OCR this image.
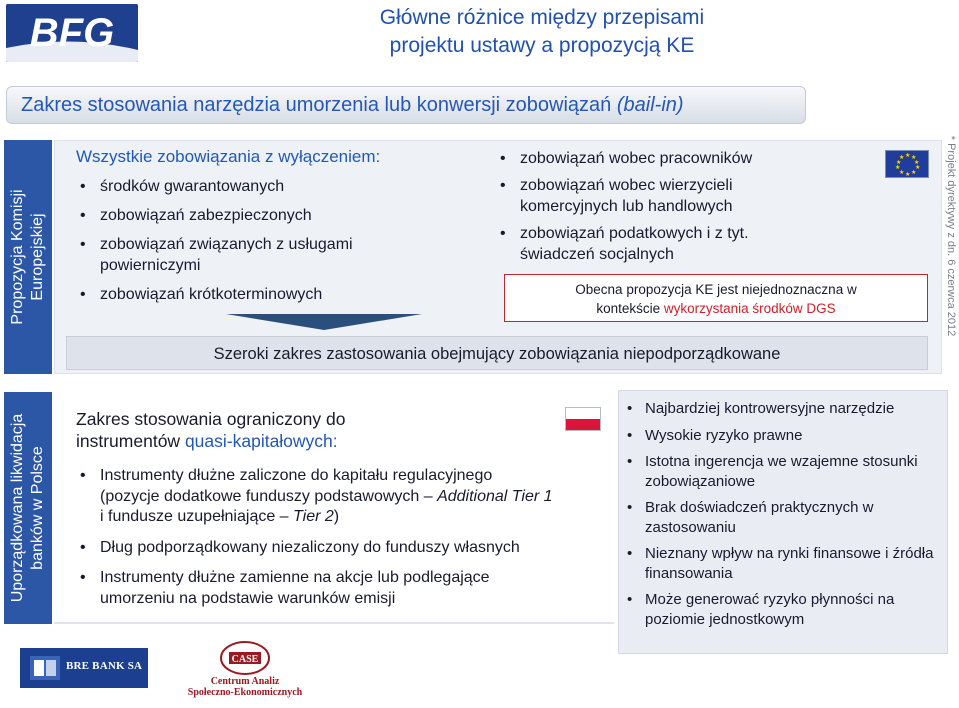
BFG	Główne różnice między przepisami
projektu ustawy a propozycją KE
Zakres stosowania narzędzia umorzenia lub konwersji zobowiązań (bail-in)
Propozycja Komisji Europejskiej
Wszystkie zobowiązania z wyłączeniem:
• środków gwarantowanych
• zobowiązań zabezpieczonych
• zobowiązań związanych z usługami powierniczymi
• zobowiązań krótkoterminowych
• zobowiązań wobec pracowników
• zobowiązań wobec wierzycieli komercyjnych lub handlowych
• zobowiązań podatkowych i z tyt. świadczeń socjalnych
★ ★
★
★
★
★
★
★
★
★
Obecna propozycja KE jest niejednoznaczna w
kontekście wykorzystania środków DGS
Szeroki zakres zastosowania obejmujący zobowiązania niepodporządkowane
* Projekt dyrektywy z dn. 6 czerwca 2012
Uporządkowana likwidacja banków w Polsce
Zakres stosowania ograniczony do
instrumentów quasi-kapitałowych:
• Instrumenty dłużne zaliczone do kapitału regulacyjnego
(pozycje dodatkowe funduszy podstawowych – Additional Tier 1
i fundusze uzupełniające – Tier 2)
• Dług podporządkowany niezaliczony do funduszy własnych
• Instrumenty dłużne zamienne na akcje lub podlegające umorzeniu na podstawie warunków emisji
• Najbardziej kontrowersyjne narzędzie
• Wysokie ryzyko prawne
• Istotna ingerencja we wzajemne stosunki zobowiązaniowe
• Brak doświadczeń praktycznych w zastosowaniu
• Nieznany wpływ na rynki finansowe i źródła finansowania
• Może generować ryzyko płynności na poziomie jednostkowym
BRE BANK SA
CASE
Centrum Analiz
Społeczno-Ekonomicznych
